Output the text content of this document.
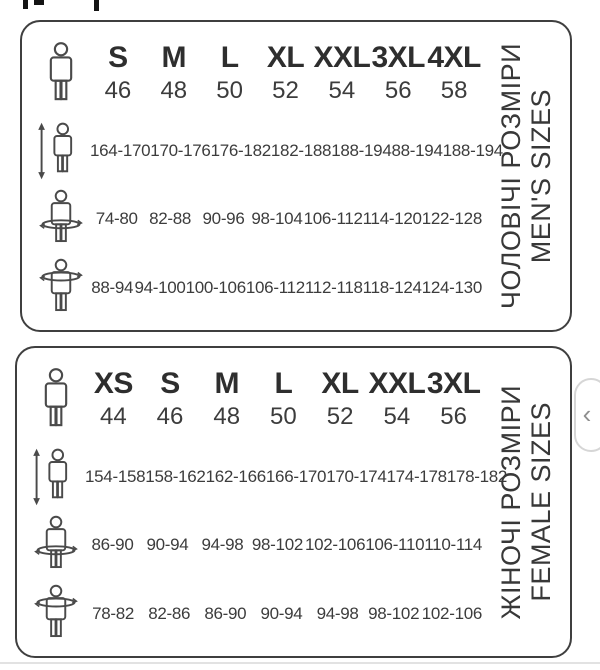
S
46
M
48
L
50
XL
52
XXL
54
3XL
56
4XL
58
164-170 170-176 176-182 182-188 188-194 88-194 188-194
74-80 82-88 90-96 98-104 106-112 114-120 122-128
88-94 94-100 100-106 106-112 112-118 118-124 124-130 ЧОЛОВІЧІ РОЗМІРИ MEN'S SIZES
XS
44
S
46
M
48
L
50
XL
52
XXL
54
3XL
56
154-158 158-162 162-166 166-170 170-174 174-178 178-182
86-90 90-94 94-98 98-102 102-106 106-110 110-114
78-82 82-86 86-90 90-94 94-98 98-102 102-106 ЖІНОЧІ РОЗМІРИ FEMALE SIZES ‹
